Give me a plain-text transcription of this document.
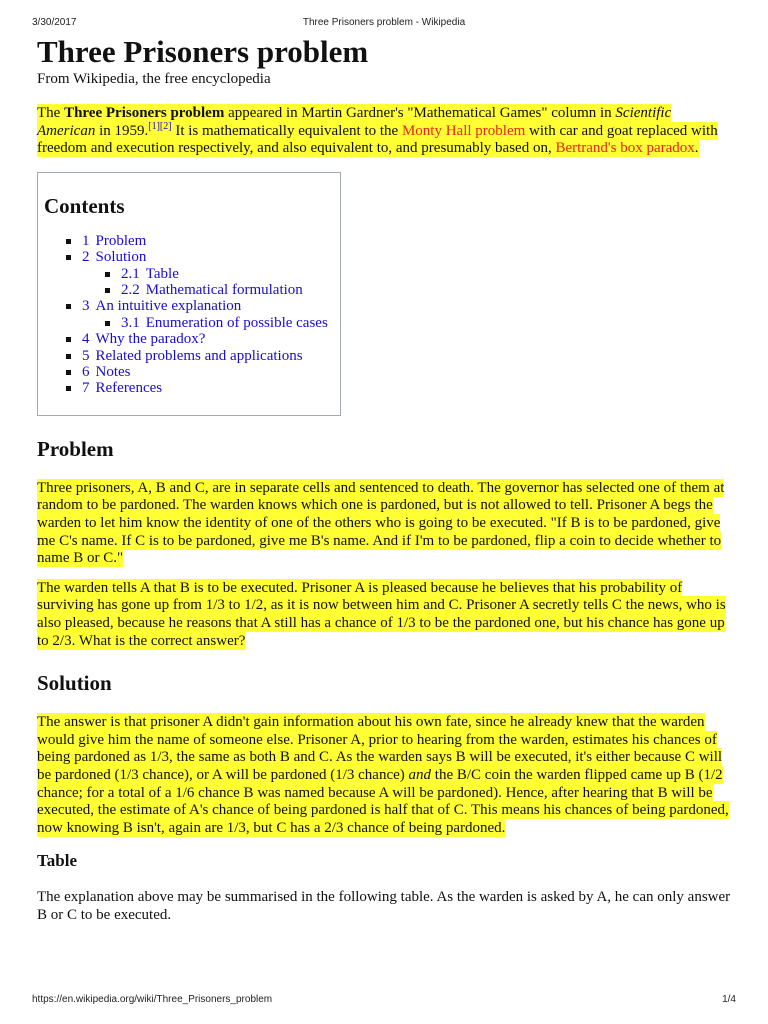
3/30/2017	Three Prisoners problem - Wikipedia
Three Prisoners problem
From Wikipedia, the free encyclopedia

The Three Prisoners problem appeared in Martin Gardner's "Mathematical Games" column in Scientific American in 1959.[1][2] It is mathematically equivalent to the Monty Hall problem with car and goat replaced with freedom and execution respectively, and also equivalent to, and presumably based on, Bertrand's box paradox.

Contents
1 Problem
2 Solution
2.1 Table
2.2 Mathematical formulation
3 An intuitive explanation
3.1 Enumeration of possible cases
4 Why the paradox?
5 Related problems and applications
6 Notes
7 References
Problem

Three prisoners, A, B and C, are in separate cells and sentenced to death. The governor has selected one of them at random to be pardoned. The warden knows which one is pardoned, but is not allowed to tell. Prisoner A begs the warden to let him know the identity of one of the others who is going to be executed. "If B is to be pardoned, give me C's name. If C is to be pardoned, give me B's name. And if I'm to be pardoned, flip a coin to decide whether to name B or C."

The warden tells A that B is to be executed. Prisoner A is pleased because he believes that his probability of surviving has gone up from 1/3 to 1/2, as it is now between him and C. Prisoner A secretly tells C the news, who is also pleased, because he reasons that A still has a chance of 1/3 to be the pardoned one, but his chance has gone up to 2/3. What is the correct answer?

Solution

The answer is that prisoner A didn't gain information about his own fate, since he already knew that the warden would give him the name of someone else. Prisoner A, prior to hearing from the warden, estimates his chances of being pardoned as 1/3, the same as both B and C. As the warden says B will be executed, it's either because C will be pardoned (1/3 chance), or A will be pardoned (1/3 chance) and the B/C coin the warden flipped came up B (1/2 chance; for a total of a 1/6 chance B was named because A will be pardoned). Hence, after hearing that B will be executed, the estimate of A's chance of being pardoned is half that of C. This means his chances of being pardoned, now knowing B isn't, again are 1/3, but C has a 2/3 chance of being pardoned.

Table

The explanation above may be summarised in the following table. As the warden is asked by A, he can only answer B or C to be executed.

https://en.wikipedia.org/wiki/Three_Prisoners_problem	1/4
